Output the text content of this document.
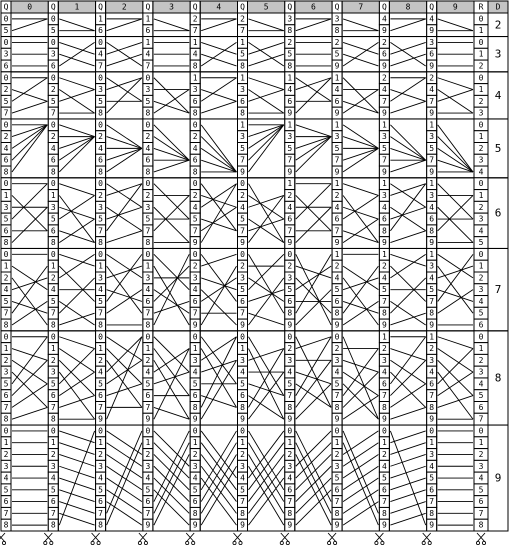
Q 0 Q 1 Q 2 Q 3 Q 4 Q 5 Q 6 Q 7 Q 8 Q 9	R D
0
5
0
5
1
6
1
6
2
7
2
7
3
8
3
8
4
9
4
9
0
1 2
0
3
6
0
3
6
0
4
7
1
4
7
1
4
8
1
5
8
2
5
8
2
5
9
2
6
9
3
6
9
0
1
2
3
0
2
5
7
0
2
5
7
0
3
5
8
0
3
5
8
1
3
6
8
1
3
6
8
1
4
6
9
1
4
6
9
2
4
7
9
2
4
7
9
0
1
2
3
4
0
2
4
6
8
0
2
4
6
8
0
2
4
6
8
0
2
4
6
8
0
2
4
6
8
1
3
5
7
9
1
3
5
7
9
1
3
5
7
9
1
3
5
7
9
1
3
5
7
9
0
1
2
3
4
5
0
1
3
5
6
8
0
1
3
5
6
8
0
2
3
5
7
8
0
2
3
5
7
8
0
2
4
5
7
9
0
2
4
5
7
9
1
2
4
6
7
9
1
2
4
6
7
9
1
3
4
6
8
9
1
3
4
6
8
9
0
1
2
3
4
5
6
0
1
2
4
5
7
8
0
1
2
4
5
7
8
0
1
3
4
5
7
8
0
1
3
4
6
7
8
0
2
3
4
6
7
9
0
2
3
5
6
7
9
0
2
3
5
6
8
9
1
2
4
5
6
8
9
1
2
4
5
7
8
9
1
3
4
5
7
8
9
0
1
2
3
4
5
6
7
0
1
2
3
5
6
7
8
0
1
2
3
5
6
7
8
0
1
2
4
5
6
7
9
0
1
2
4
5
6
7
9
0
1
3
4
5
6
8
9
0
1
3
4
5
6
8
9
0
2
3
4
5
7
8
9
0
2
3
4
5
7
8
9
1
2
3
4
6
7
8
9
1
2
3
4
6
7
8
9
0
1
2
3
4
5
6
7
8
0
1
2
3
4
5
6
7
8
0
1
2
3
4
5
6
7
8
0
1
2
3
4
5
6
7
8
0
1
2
3
4
5
6
7
9
0
1
2
3
4
5
6
8
9
0
1
2
3
4
5
7
8
9
0
1
2
3
4
6
7
8
9
0
1
2
3
5
6
7
8
9
0
1
2
4
5
6
7
8
9
0
1
3
4
5
6
7
8
9
0
1
2
3
4
5
6
7
8
9
